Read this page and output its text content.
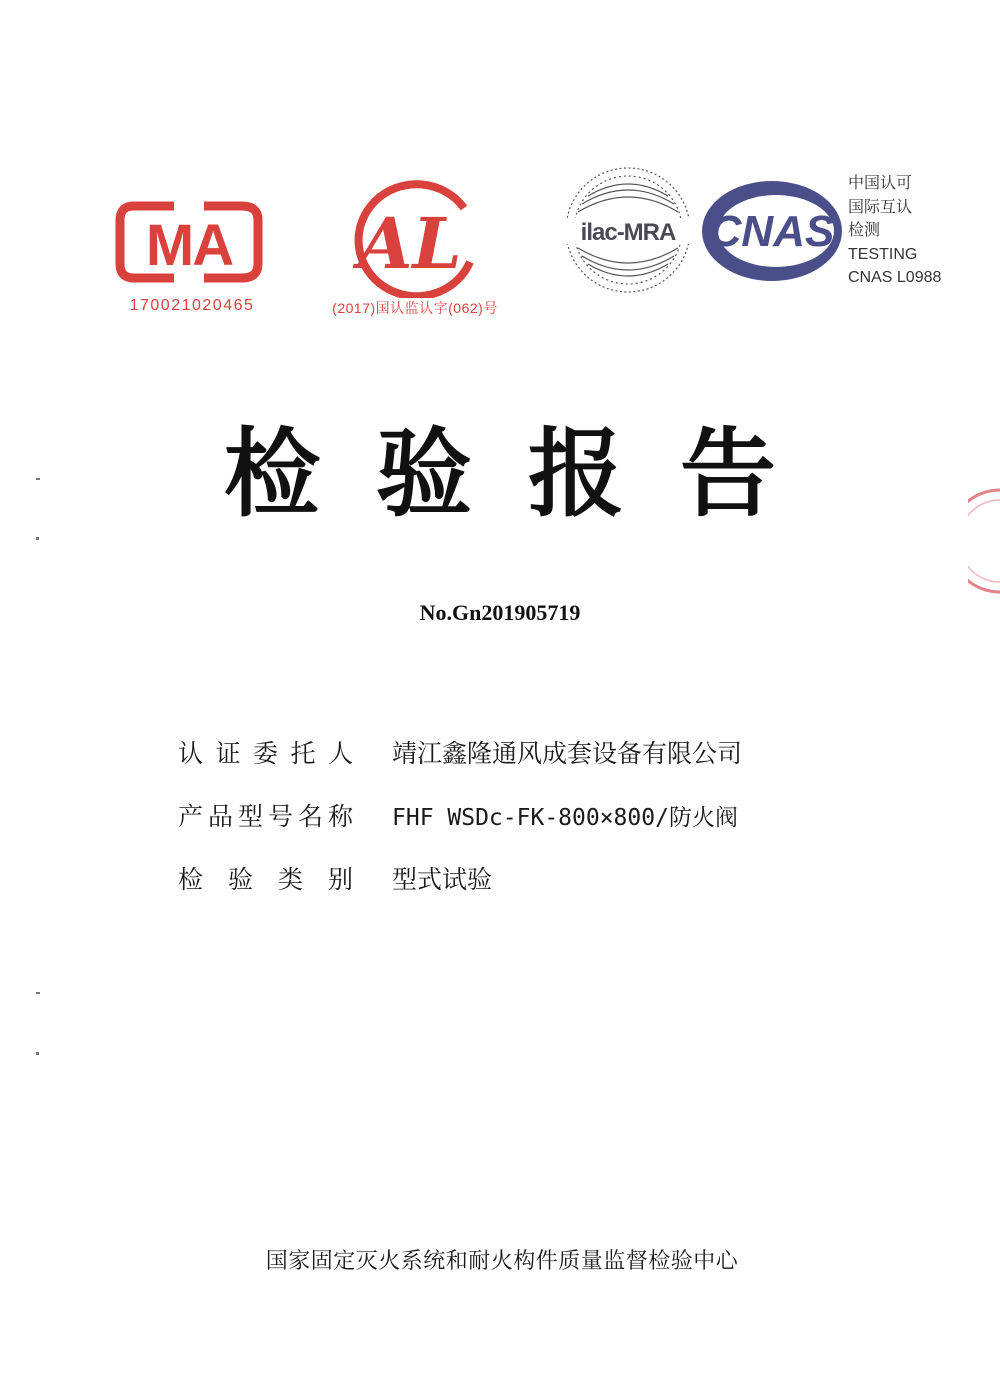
MA
170021020465
AL
(2017)国认监认字(062)号
ilac-MRA CNAS
中国认可
国际互认
检测
TESTING
CNAS L0988
检验报告
No.Gn201905719
认证委托人 靖江鑫隆通风成套设备有限公司
产品型号名称 FHF WSDc-FK-800×800/防火阀
检验类别 型式试验
国家固定灭火系统和耐火构件质量监督检验中心
